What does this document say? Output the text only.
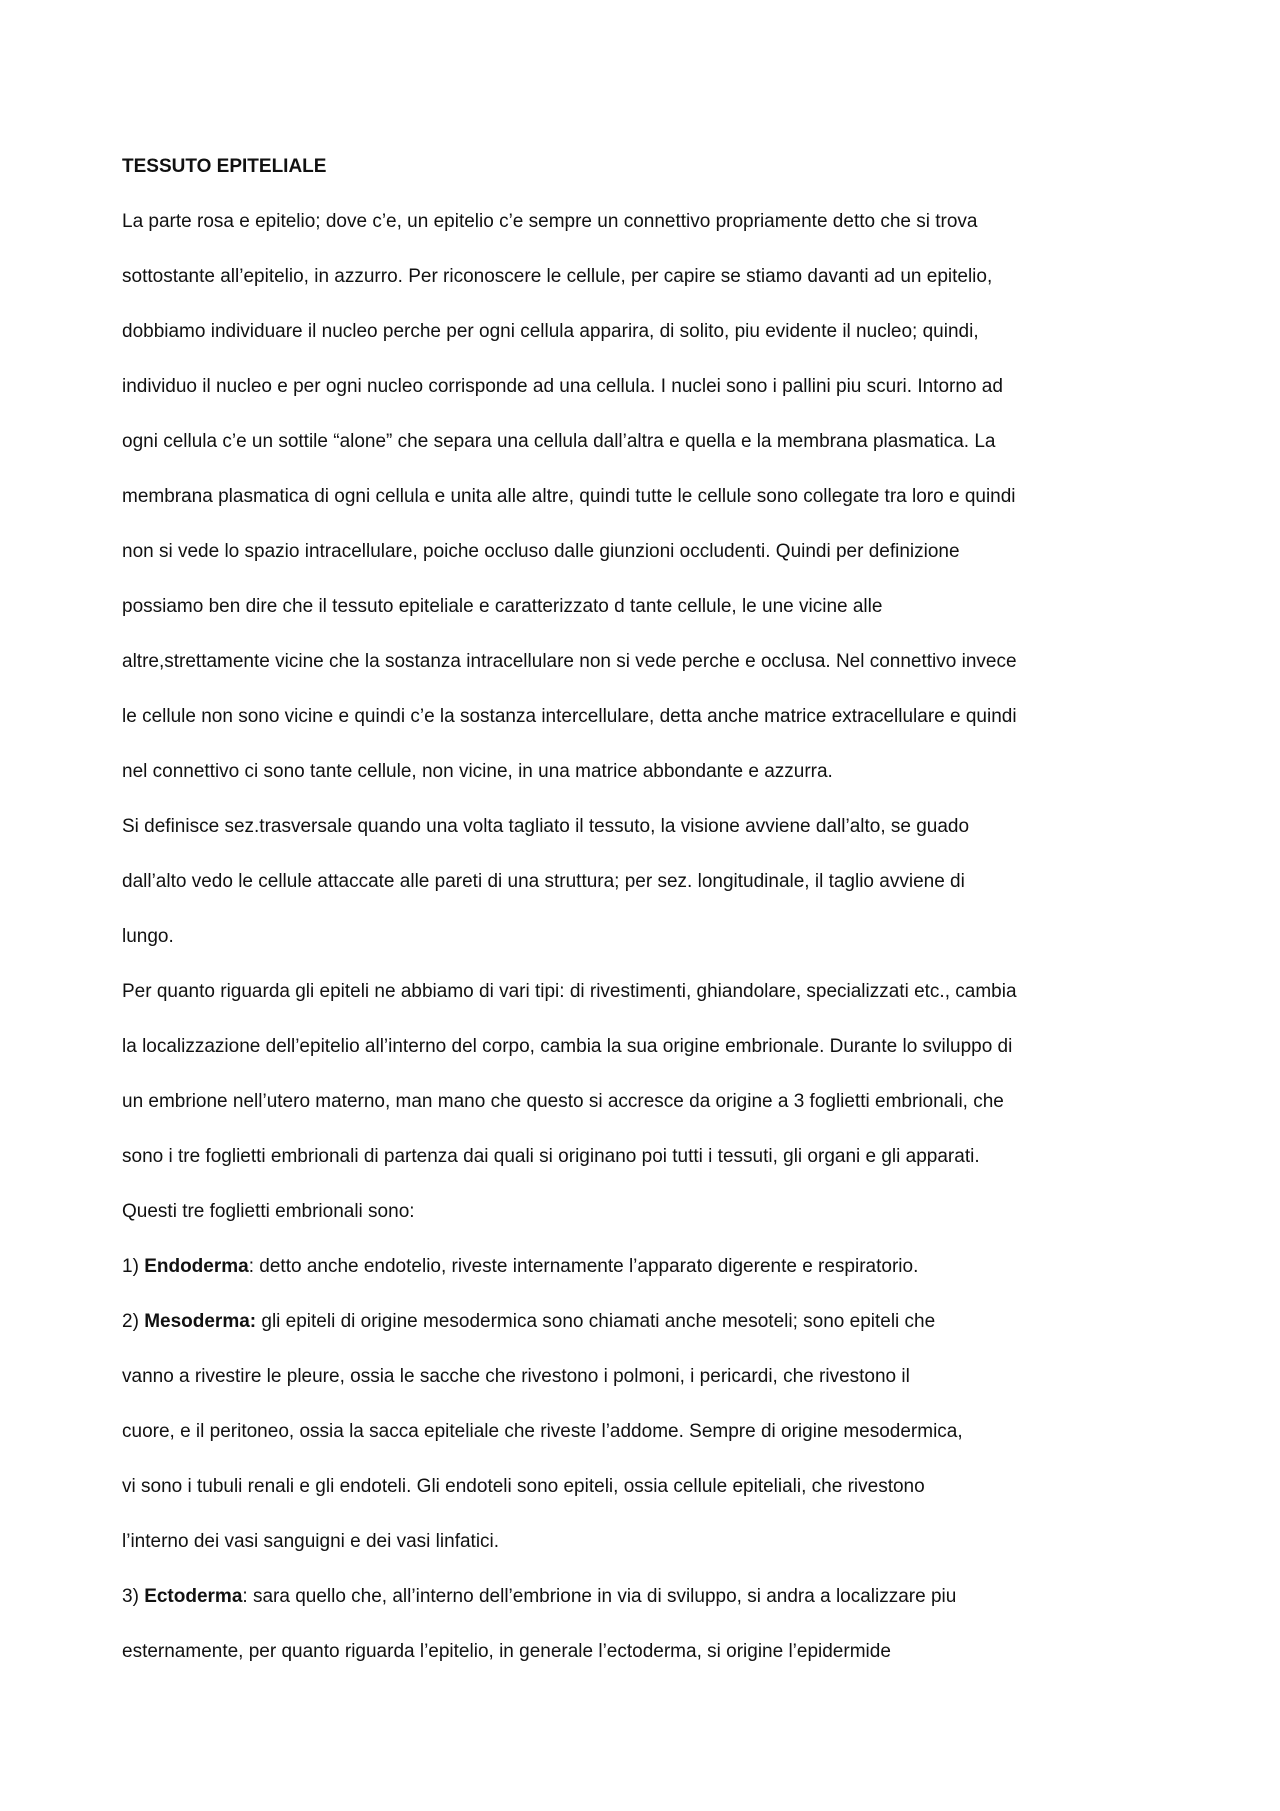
TESSUTO EPITELIALE
La parte rosa e epitelio; dove c’e, un epitelio c’e sempre un connettivo propriamente detto che si trova
sottostante all’epitelio, in azzurro. Per riconoscere le cellule, per capire se stiamo davanti ad un epitelio,
dobbiamo individuare il nucleo perche per ogni cellula apparira, di solito, piu evidente il nucleo; quindi,
individuo il nucleo e per ogni nucleo corrisponde ad una cellula. I nuclei sono i pallini piu scuri. Intorno ad
ogni cellula c’e un sottile “alone” che separa una cellula dall’altra e quella e la membrana plasmatica. La
membrana plasmatica di ogni cellula e unita alle altre, quindi tutte le cellule sono collegate tra loro e quindi
non si vede lo spazio intracellulare, poiche occluso dalle giunzioni occludenti. Quindi per definizione
possiamo ben dire che il tessuto epiteliale e caratterizzato d tante cellule, le une vicine alle
altre,strettamente vicine che la sostanza intracellulare non si vede perche e occlusa. Nel connettivo invece
le cellule non sono vicine e quindi c’e la sostanza intercellulare, detta anche matrice extracellulare e quindi
nel connettivo ci sono tante cellule, non vicine, in una matrice abbondante e azzurra.
Si definisce sez.trasversale quando una volta tagliato il tessuto, la visione avviene dall’alto, se guado
dall’alto vedo le cellule attaccate alle pareti di una struttura; per sez. longitudinale, il taglio avviene di
lungo.
Per quanto riguarda gli epiteli ne abbiamo di vari tipi: di rivestimenti, ghiandolare, specializzati etc., cambia
la localizzazione dell’epitelio all’interno del corpo, cambia la sua origine embrionale. Durante lo sviluppo di
un embrione nell’utero materno, man mano che questo si accresce da origine a 3 foglietti embrionali, che
sono i tre foglietti embrionali di partenza dai quali si originano poi tutti i tessuti, gli organi e gli apparati.
Questi tre foglietti embrionali sono:
1) Endoderma: detto anche endotelio, riveste internamente l’apparato digerente e respiratorio.
2) Mesoderma: gli epiteli di origine mesodermica sono chiamati anche mesoteli; sono epiteli che
vanno a rivestire le pleure, ossia le sacche che rivestono i polmoni, i pericardi, che rivestono il
cuore, e il peritoneo, ossia la sacca epiteliale che riveste l’addome. Sempre di origine mesodermica,
vi sono i tubuli renali e gli endoteli. Gli endoteli sono epiteli, ossia cellule epiteliali, che rivestono
l’interno dei vasi sanguigni e dei vasi linfatici.
3) Ectoderma: sara quello che, all’interno dell’embrione in via di sviluppo, si andra a localizzare piu
esternamente, per quanto riguarda l’epitelio, in generale l’ectoderma, si origine l’epidermide
